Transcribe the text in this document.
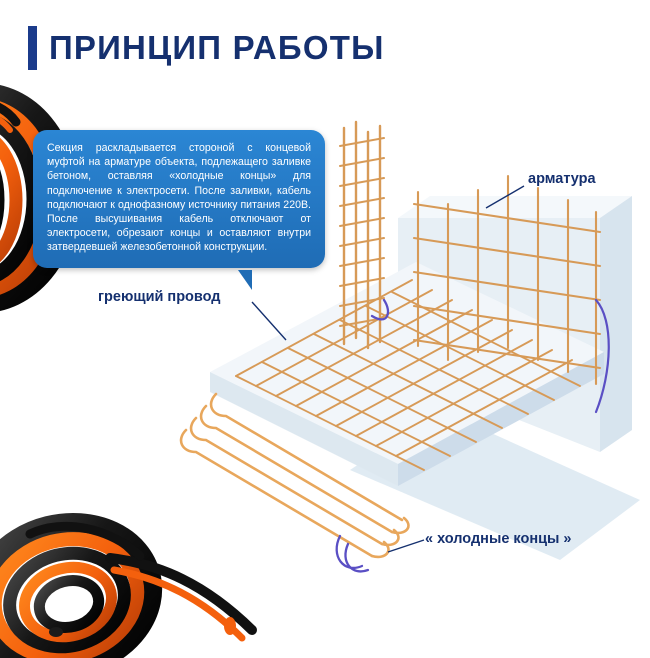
ПРИНЦИП РАБОТЫ
Секция раскладывается стороной с концевой муфтой на арматуре объекта, подлежащего заливке бетоном, оставляя «холодные концы» для подключение к электросети. После заливки, кабель подключают к однофазному источнику питания 220В. После высушивания кабель отключают от электросети, обрезают концы и оставляют внутри затвердевшей железобетонной конструкции.
арматура
греющий провод
« холодные концы »
